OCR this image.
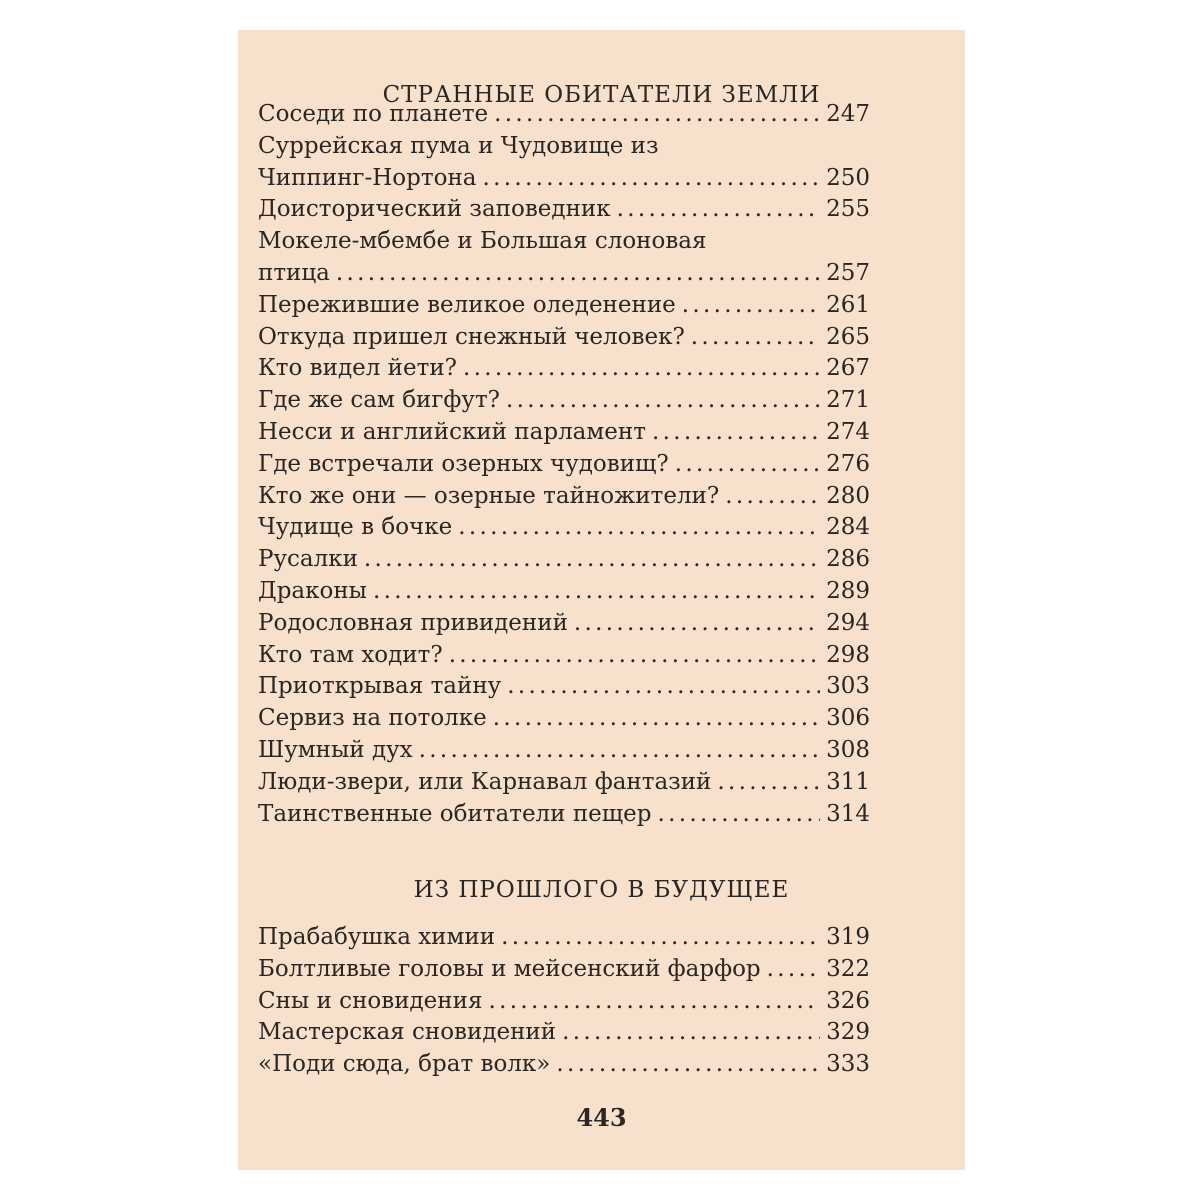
СТРАННЫЕ ОБИТАТЕЛИ ЗЕМЛИ
Соседи по планете . . .	247
Суррейская пума и Чудовище из
Чиппинг-Нортона . . .	250
Доисторический заповедник . . .	255
Мокеле-мбембе и Большая слоновая
птица . . .	257
Пережившие великое оледенение . . .	261
Откуда пришел снежный человек? . . .	265
Кто видел йети? . . .	267
Где же сам бигфут? . . .	271
Несси и английский парламент . . .	274
Где встречали озерных чудовищ? . . .	276
Кто же они — озерные тайножители? . . .	280
Чудище в бочке . . .	284
Русалки . . .	286
Драконы . . .	289
Родословная привидений . . .	294
Кто там ходит? . . .	298
Приоткрывая тайну . . .	303
Сервиз на потолке . . .	306
Шумный дух . . .	308
Люди-звери, или Карнавал фантазий . . .	311
Таинственные обитатели пещер . . .	314
ИЗ ПРОШЛОГО В БУДУЩЕЕ
Прабабушка химии . . .	319
Болтливые головы и мейсенский фарфор . . .	322
Сны и сновидения . . .	326
Мастерская сновидений . . .	329
«Поди сюда, брат волк» . . .	333
443
